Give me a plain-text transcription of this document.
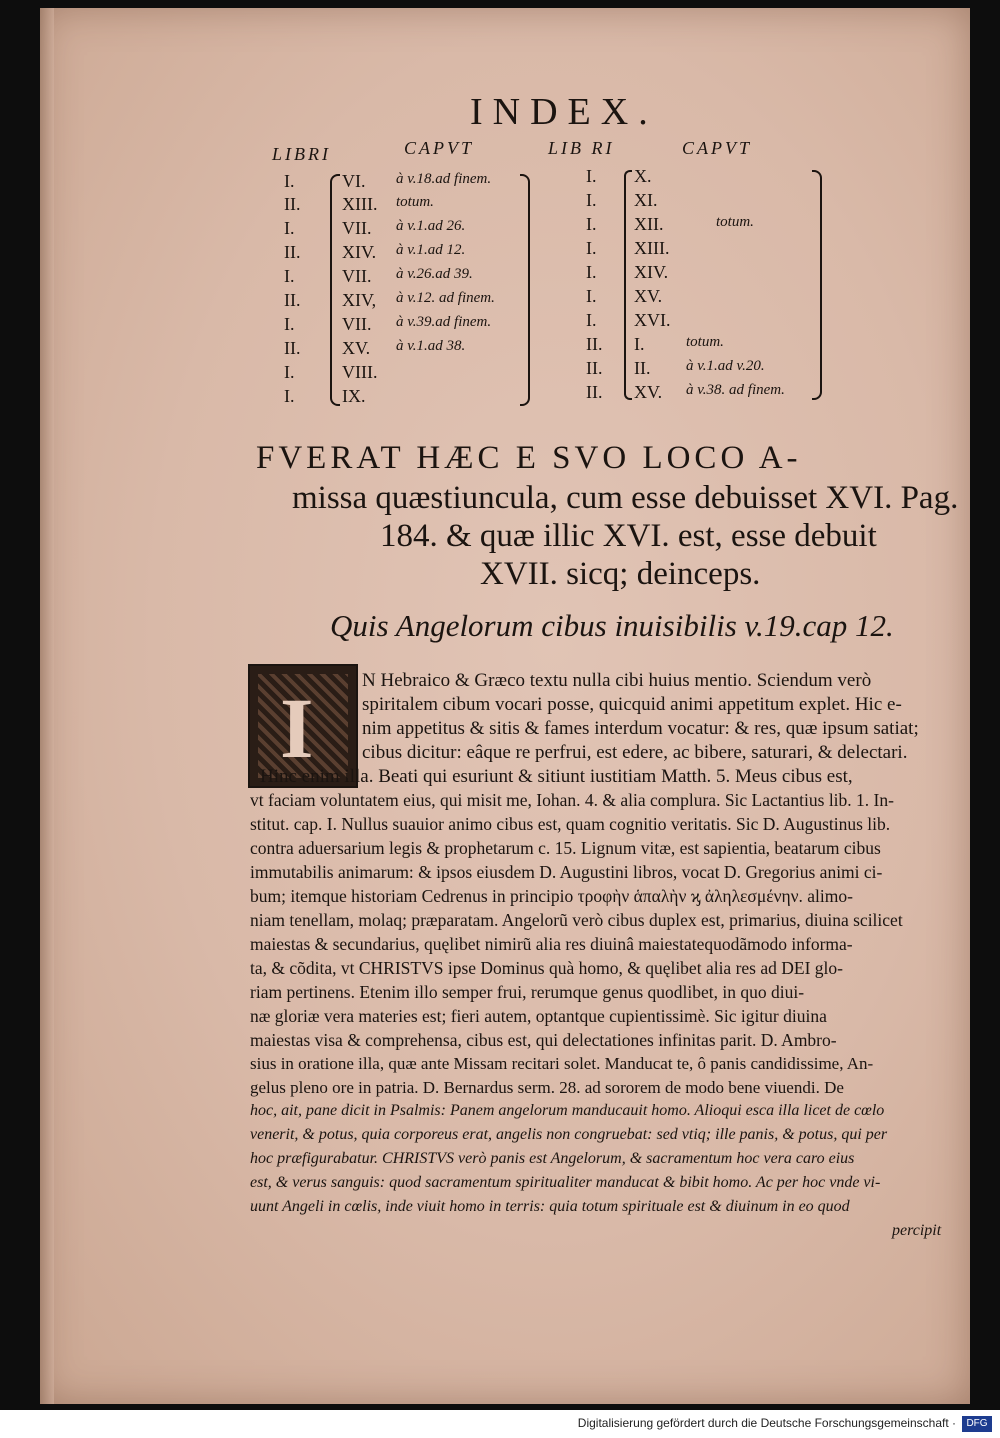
INDEX.
LIBRI	CAPVT	LIB RI	CAPVT
I.	VI. à v.18.ad finem.
II.	XIII. totum.
I.	VII. à v.1.ad 26.
II.	XIV. à v.1.ad 12.
I.	VII. à v.26.ad 39.
II.	XIV, à v.12. ad finem.
I.	VII. à v.39.ad finem.
II.	XV. à v.1.ad 38.
I.	VIII.
I.	IX.
I.	X.
I.	XI.
I.	XII.	totum.
I.	XIII.
I.	XIV.
I.	XV.
I.	XVI.
II.	I.	totum.
II.	II. à v.1.ad v.20.
II.	XV. à v.38. ad finem.
FVERAT HÆC E SVO LOCO A-
missa quæstiuncula, cum esse debuisset XVI. Pag.
184. & quæ illic XVI. est, esse debuit
XVII. sicq; deinceps.
Quis Angelorum cibus inuisibilis v.19.cap 12.
I	N Hebraico & Græco textu nulla cibi huius mentio. Sciendum verò
spiritalem cibum vocari posse, quicquid animi appetitum explet. Hic e-
nim appetitus & sitis & fames interdum vocatur: & res, quæ ipsum satiat;
cibus dicitur: eâque re perfrui, est edere, ac bibere, saturari, & delectari.
Hinc enim illa. Beati qui esuriunt & sitiunt iustitiam Matth. 5. Meus cibus est,
vt faciam voluntatem eius, qui misit me, Iohan. 4. & alia complura. Sic Lactantius lib. 1. In-
stitut. cap. I. Nullus suauior animo cibus est, quam cognitio veritatis. Sic D. Augustinus lib.
contra aduersarium legis & prophetarum c. 15. Lignum vitæ, est sapientia, beatarum cibus
immutabilis animarum: & ipsos eiusdem D. Augustini libros, vocat D. Gregorius animi ci-
bum; itemque historiam Cedrenus in principio τροφὴν ἁπαλὴν ϗ ἀληλεσμένην. alimo-
niam tenellam, molaq; præparatam. Angelorũ verò cibus duplex est, primarius, diuina scilicet
maiestas & secundarius, quęlibet nimirũ alia res diuinâ maiestatequodãmodo informa-
ta, & cõdita, vt CHRISTVS ipse Dominus quà homo, & quęlibet alia res ad DEI glo-
riam pertinens. Etenim illo semper frui, rerumque genus quodlibet, in quo diui-
næ gloriæ vera materies est; fieri autem, optantque cupientissimè. Sic igitur diuina
maiestas visa & comprehensa, cibus est, qui delectationes infinitas parit. D. Ambro-
sius in oratione illa, quæ ante Missam recitari solet. Manducat te, ô panis candidissime, An-
gelus pleno ore in patria. D. Bernardus serm. 28. ad sororem de modo bene viuendi. De
hoc, ait, pane dicit in Psalmis: Panem angelorum manducauit homo. Alioqui esca illa licet de cœlo
venerit, & potus, quia corporeus erat, angelis non congruebat: sed vtiq; ille panis, & potus, qui per
hoc præfigurabatur. CHRISTVS verò panis est Angelorum, & sacramentum hoc vera caro eius
est, & verus sanguis: quod sacramentum spiritualiter manducat & bibit homo. Ac per hoc vnde vi-
uunt Angeli in cœlis, inde viuit homo in terris: quia totum spirituale est & diuinum in eo quod
percipit
Digitalisierung gefördert durch die Deutsche Forschungsgemeinschaft ·	DFG
